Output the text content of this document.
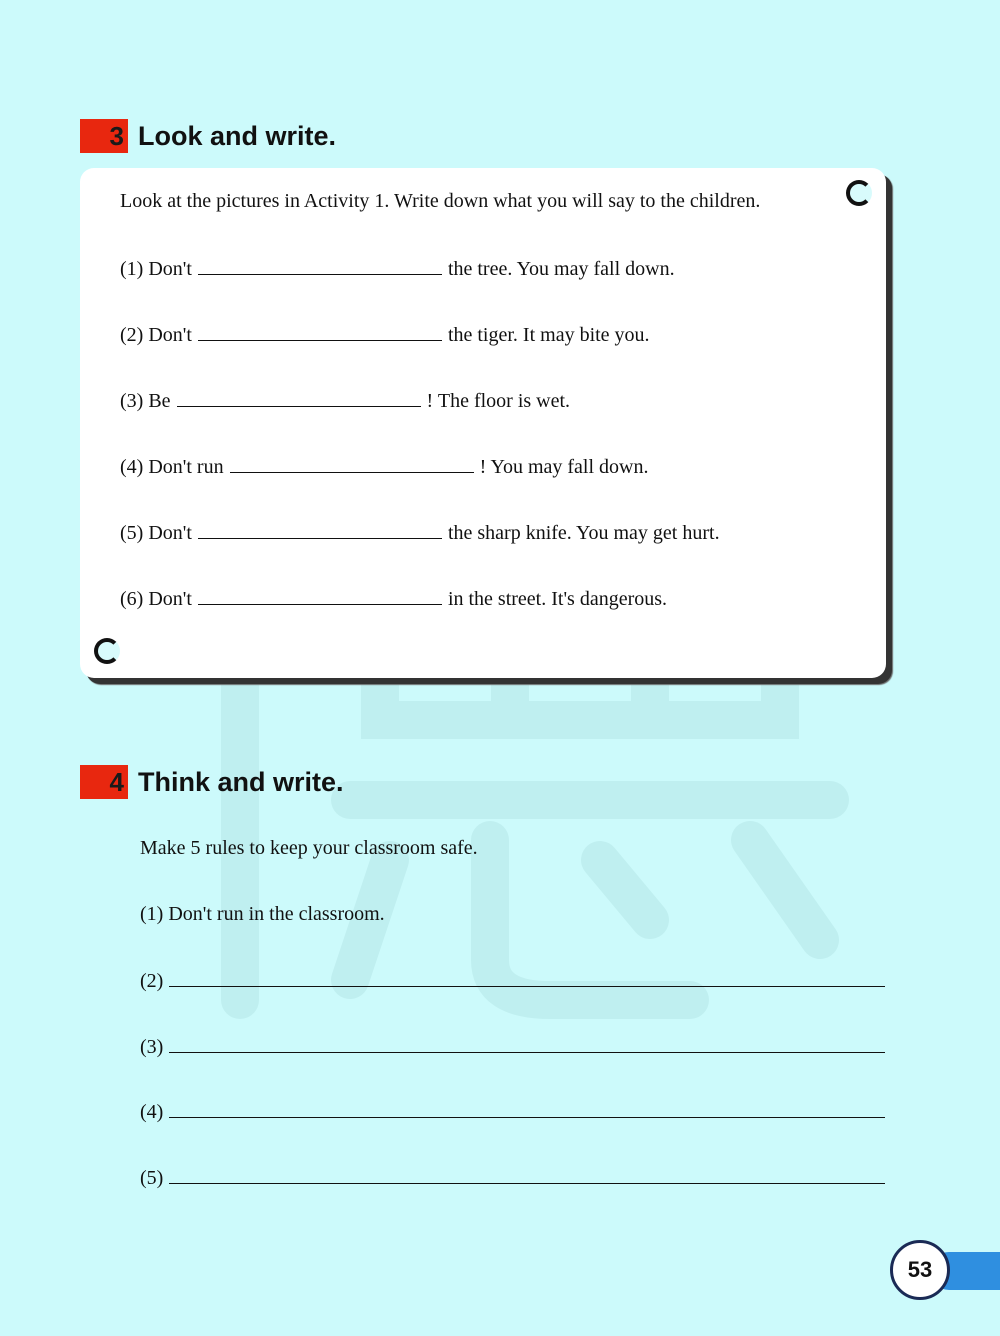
3 Look and write.
Look at the pictures in Activity 1. Write down what you will say to the children.
(1) Don't	the tree. You may fall down.
(2) Don't	the tiger. It may bite you.
(3) Be	! The floor is wet.
(4) Don't run	! You may fall down.
(5) Don't	the sharp knife. You may get hurt.
(6) Don't	in the street. It's dangerous.
4 Think and write.
Make 5 rules to keep your classroom safe.
(1) Don't run in the classroom.
(2)
(3)
(4)
(5)
53
